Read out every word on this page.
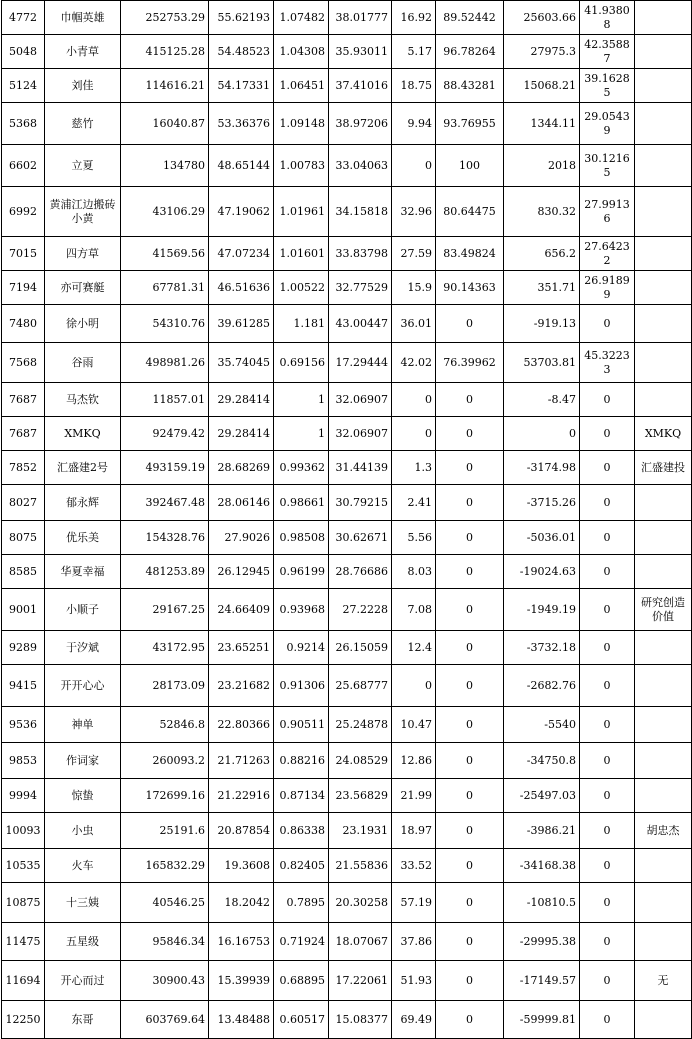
4772	巾帼英雄	252753.29	55.62193	1.07482	38.01777	16.92	89.52442	25603.66	41.93808	
5048	小青草	415125.28	54.48523	1.04308	35.93011	5.17	96.78264	27975.3	42.35887	
5124	刘佳	114616.21	54.17331	1.06451	37.41016	18.75	88.43281	15068.21	39.16285	
5368	慈竹	16040.87	53.36376	1.09148	38.97206	9.94	93.76955	1344.11	29.05439	
6602	立夏	134780	48.65144	1.00783	33.04063	0	100	2018	30.12165	
6992	黄浦江边搬砖小黄	43106.29	47.19062	1.01961	34.15818	32.96	80.64475	830.32	27.99136	
7015	四方草	41569.56	47.07234	1.01601	33.83798	27.59	83.49824	656.2	27.64232	
7194	亦可赛艇	67781.31	46.51636	1.00522	32.77529	15.9	90.14363	351.71	26.91899	
7480	徐小明	54310.76	39.61285	1.181	43.00447	36.01	0	-919.13	0	
7568	谷雨	498981.26	35.74045	0.69156	17.29444	42.02	76.39962	53703.81	45.32233	
7687	马杰钦	11857.01	29.28414	1	32.06907	0	0	-8.47	0	
7687	XMKQ	92479.42	29.28414	1	32.06907	0	0	0	0	XMKQ
7852	汇盛建2号	493159.19	28.68269	0.99362	31.44139	1.3	0	-3174.98	0	汇盛建投
8027	郁永辉	392467.48	28.06146	0.98661	30.79215	2.41	0	-3715.26	0	
8075	优乐美	154328.76	27.9026	0.98508	30.62671	5.56	0	-5036.01	0	
8585	华夏幸福	481253.89	26.12945	0.96199	28.76686	8.03	0	-19024.63	0	
9001	小顺子	29167.25	24.66409	0.93968	27.2228	7.08	0	-1949.19	0	研究创造价值
9289	于汐斌	43172.95	23.65251	0.9214	26.15059	12.4	0	-3732.18	0	
9415	开开心心	28173.09	23.21682	0.91306	25.68777	0	0	-2682.76	0	
9536	神单	52846.8	22.80366	0.90511	25.24878	10.47	0	-5540	0	
9853	作词家	260093.2	21.71263	0.88216	24.08529	12.86	0	-34750.8	0	
9994	惊蛰	172699.16	21.22916	0.87134	23.56829	21.99	0	-25497.03	0	
10093	小虫	25191.6	20.87854	0.86338	23.1931	18.97	0	-3986.21	0	胡忠杰
10535	火车	165832.29	19.3608	0.82405	21.55836	33.52	0	-34168.38	0	
10875	十三姨	40546.25	18.2042	0.7895	20.30258	57.19	0	-10810.5	0	
11475	五星级	95846.34	16.16753	0.71924	18.07067	37.86	0	-29995.38	0	
11694	开心而过	30900.43	15.39939	0.68895	17.22061	51.93	0	-17149.57	0	无
12250	东哥	603769.64	13.48488	0.60517	15.08377	69.49	0	-59999.81	0	
